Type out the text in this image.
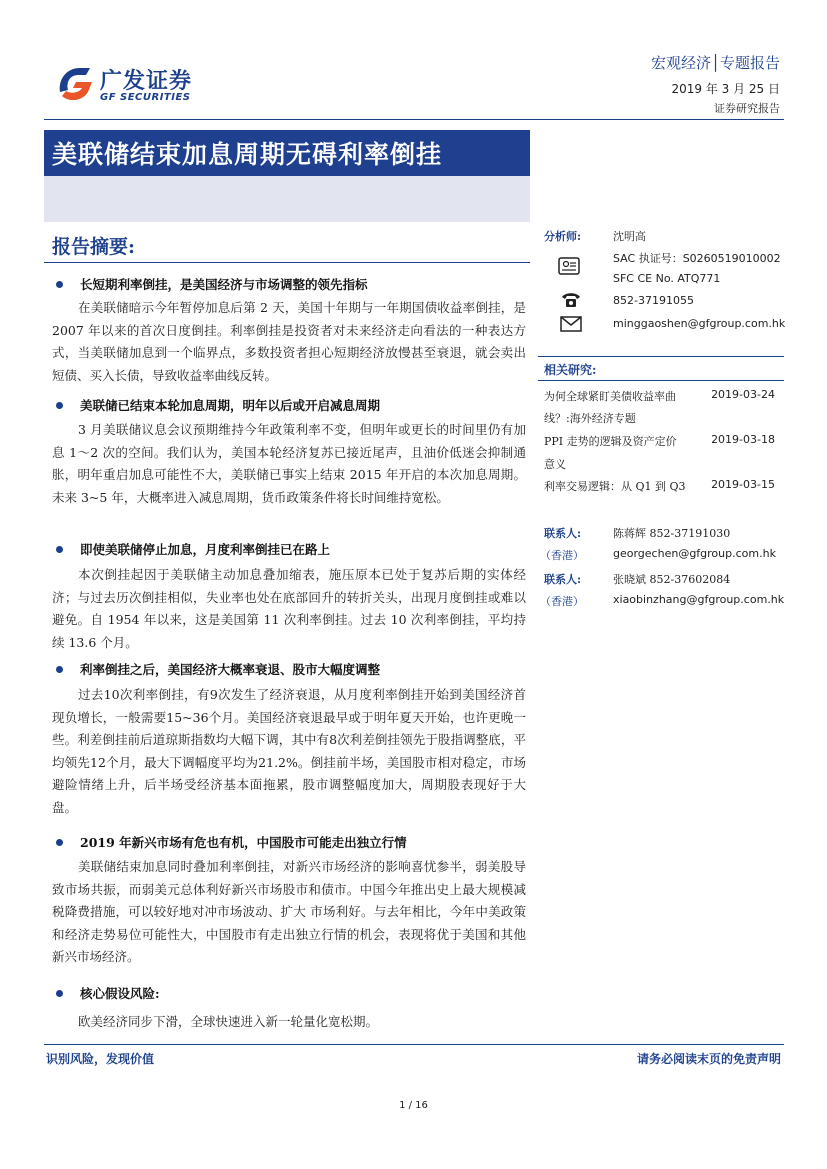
广发证券
GF SECURITIES
宏观经济│专题报告
2019 年 3 月 25 日
证券研究报告
美联储结束加息周期无碍利率倒挂
报告摘要:
长短期利率倒挂，是美国经济与市场调整的领先指标
在美联储暗示今年暂停加息后第 2 天，美国十年期与一年期国债收益率倒挂，是 2007 年以来的首次日度倒挂。利率倒挂是投资者对未来经济走向看法的一种表达方式，当美联储加息到一个临界点，多数投资者担心短期经济放慢甚至衰退，就会卖出短债、买入长债，导致收益率曲线反转。
美联储已结束本轮加息周期，明年以后或开启减息周期
3 月美联储议息会议预期维持今年政策利率不变，但明年或更长的时间里仍有加息 1～2 次的空间。我们认为，美国本轮经济复苏已接近尾声，且油价低迷会抑制通胀，明年重启加息可能性不大，美联储已事实上结束 2015 年开启的本次加息周期。未来 3~5 年，大概率进入减息周期，货币政策条件将长时间维持宽松。
即使美联储停止加息，月度利率倒挂已在路上
本次倒挂起因于美联储主动加息叠加缩表，施压原本已处于复苏后期的实体经济；与过去历次倒挂相似，失业率也处在底部回升的转折关头，出现月度倒挂或难以避免。自 1954 年以来，这是美国第 11 次利率倒挂。过去 10 次利率倒挂，平均持续 13.6 个月。
利率倒挂之后，美国经济大概率衰退、股市大幅度调整
过去10次利率倒挂，有9次发生了经济衰退，从月度利率倒挂开始到美国经济首现负增长，一般需要15~36个月。美国经济衰退最早或于明年夏天开始，也许更晚一些。利差倒挂前后道琼斯指数均大幅下调，其中有8次利差倒挂领先于股指调整底，平均领先12个月，最大下调幅度平均为21.2%。倒挂前半场，美国股市相对稳定，市场避险情绪上升，后半场受经济基本面拖累，股市调整幅度加大，周期股表现好于大盘。
2019 年新兴市场有危也有机，中国股市可能走出独立行情
美联储结束加息同时叠加利率倒挂，对新兴市场经济的影响喜忧参半，弱美股导致市场共振，而弱美元总体利好新兴市场股市和债市。中国今年推出史上最大规模减税降费措施，可以较好地对冲市场波动、扩大 市场利好。与去年相比，今年中美政策和经济走势易位可能性大，中国股市有走出独立行情的机会，表现将优于美国和其他新兴市场经济。
核心假设风险:
欧美经济同步下滑，全球快速进入新一轮量化宽松期。
分析师:	沈明高
SAC 执证号：S0260519010002
SFC CE No. ATQ771
852-37191055
minggaoshen@gfgroup.com.hk
相关研究:
为何全球紧盯美债收益率曲	2019-03-24
线？:海外经济专题
PPI 走势的逻辑及资产定价	2019-03-18
意义
利率交易逻辑：从 Q1 到 Q3 2019-03-15
联系人:	陈蒋辉 852-37191030
（香港）	georgechen@gfgroup.com.hk
联系人:	张晓斌 852-37602084
（香港）	xiaobinzhang@gfgroup.com.hk
识别风险，发现价值	请务必阅读末页的免责声明
1 / 16
